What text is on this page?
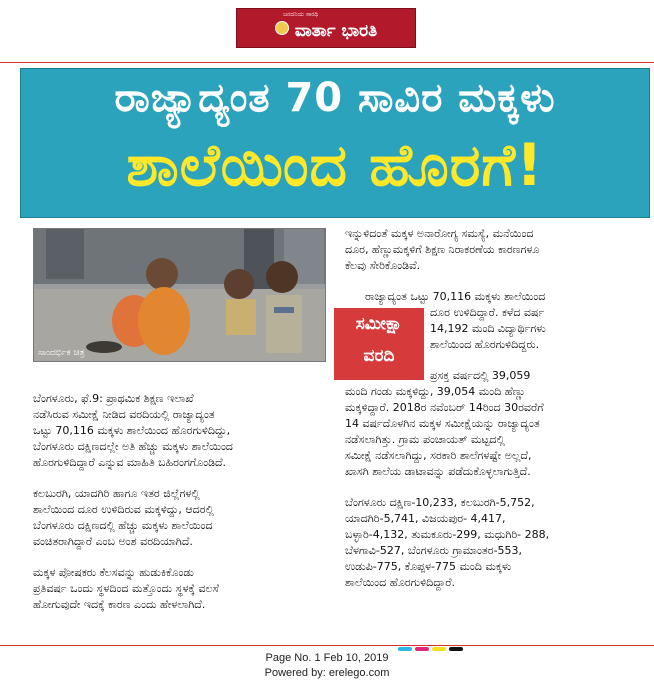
ಜನದನಿಯ ಸಾರಥಿ
ವಾರ್ತಾ ಭಾರತಿ
ರಾಜ್ಯಾದ್ಯಂತ 70 ಸಾವಿರ ಮಕ್ಕಳು
ಶಾಲೆಯಿಂದ ಹೊರಗೆ!
ಸಾಂದರ್ಭಿಕ ಚಿತ್ರ
ಸಮೀಕ್ಷಾ
ವರದಿ
ಇನ್ನುಳಿದಂತೆ ಮಕ್ಕಳ ಅನಾರೋಗ್ಯ ಸಮಸ್ಯೆ, ಮನೆಯಿಂದ
ದೂರ, ಹೆಣ್ಣುಮಕ್ಕಳಿಗೆ ಶಿಕ್ಷಣ ನಿರಾಕರಣೆಯ ಕಾರಣಗಳೂ
ಕೆಲವು ಸೇರಿಕೊಂಡಿವೆ.
ರಾಜ್ಯಾದ್ಯಂತ ಒಟ್ಟು 70,116 ಮಕ್ಕಳು ಶಾಲೆಯಿಂದ
ದೂರ ಉಳಿದಿದ್ದಾರೆ. ಕಳೆದ ವರ್ಷ
14,192 ಮಂದಿ ವಿದ್ಯಾರ್ಥಿಗಳು
ಶಾಲೆಯಿಂದ ಹೊರಗುಳಿದಿದ್ದರು.
ಪ್ರಸಕ್ತ ವರ್ಷದಲ್ಲಿ 39,059
ಮಂದಿ ಗಂಡು ಮಕ್ಕಳಿದ್ದು, 39,054 ಮಂದಿ ಹೆಣ್ಣು
ಮಕ್ಕಳಿದ್ದಾರೆ. 2018ರ ನವೆಂಬರ್ 14ರಿಂದ 30ರವರೆಗೆ
14 ವರ್ಷದೊಳಗಿನ ಮಕ್ಕಳ ಸಮೀಕ್ಷೆಯನ್ನು ರಾಜ್ಯಾದ್ಯಂತ
ನಡೆಸಲಾಗಿತ್ತು. ಗ್ರಾಮ ಪಂಚಾಯತ್ ಮಟ್ಟದಲ್ಲಿ
ಸಮೀಕ್ಷೆ ನಡೆಸಲಾಗಿದ್ದು, ಸರಕಾರಿ ಶಾಲೆಗಳಷ್ಟೇ ಅಲ್ಲದೆ,
ಖಾಸಗಿ ಶಾಲೆಯ ಡಾಟಾವನ್ನು ಪಡೆದುಕೊಳ್ಳಲಾಗುತ್ತಿದೆ.
ಬೆಂಗಳೂರು ದಕ್ಷಿಣ-10,233, ಕಲಬುರಗಿ-5,752,
ಯಾದಗಿರಿ-5,741, ವಿಜಯಪುರ- 4,417,
ಬಳ್ಳಾರಿ-4,132, ತುಮಕೂರು-299, ಮಧುಗಿರಿ- 288,
ಬೆಳಗಾವಿ-527, ಬೆಂಗಳೂರು ಗ್ರಾಮಾಂತರ-553,
ಉಡುಪಿ-775, ಕೊಪ್ಪಳ-775 ಮಂದಿ ಮಕ್ಕಳು
ಶಾಲೆಯಿಂದ ಹೊರಗುಳಿದಿದ್ದಾರೆ.
ಬೆಂಗಳೂರು, ಫೆ.9: ಪ್ರಾಥಮಿಕ ಶಿಕ್ಷಣ ಇಲಾಖೆ
ನಡೆಸಿರುವ ಸಮೀಕ್ಷೆ ನೀಡಿದ ವರದಿಯಲ್ಲಿ ರಾಜ್ಯಾದ್ಯಂತ
ಒಟ್ಟು 70,116 ಮಕ್ಕಳು ಶಾಲೆಯಿಂದ ಹೊರಗುಳಿದಿದ್ದು,
ಬೆಂಗಳೂರು ದಕ್ಷಿಣದಲ್ಲೇ ಅತಿ ಹೆಚ್ಚು ಮಕ್ಕಳು ಶಾಲೆಯಿಂದ
ಹೊರಗುಳಿದಿದ್ದಾರೆ ಎನ್ನುವ ಮಾಹಿತಿ ಬಹಿರಂಗಗೊಂಡಿದೆ.
ಕಲಬುರಗಿ, ಯಾದಗಿರಿ ಹಾಗೂ ಇತರ ಜಿಲ್ಲೆಗಳಲ್ಲಿ
ಶಾಲೆಯಿಂದ ದೂರ ಉಳಿದಿರುವ ಮಕ್ಕಳಿದ್ದು, ಆದರಲ್ಲಿ
ಬೆಂಗಳೂರು ದಕ್ಷಿಣದಲ್ಲಿ ಹೆಚ್ಚು ಮಕ್ಕಳು ಶಾಲೆಯಿಂದ
ವಂಚಿತರಾಗಿದ್ದಾರೆ ಎಂಬ ಅಂಶ ವರದಿಯಾಗಿದೆ.
ಮಕ್ಕಳ ಪೋಷಕರು ಕೆಲಸವನ್ನು ಹುಡುಕಿಕೊಂಡು
ಪ್ರತಿವರ್ಷ ಒಂದು ಸ್ಥಳದಿಂದ ಮತ್ತೊಂದು ಸ್ಥಳಕ್ಕೆ ವಲಸೆ
ಹೋಗುವುದೇ ಇದಕ್ಕೆ ಕಾರಣ ಎಂದು ಹೇಳಲಾಗಿದೆ.
Page No. 1 Feb 10, 2019
Powered by: erelego.com
